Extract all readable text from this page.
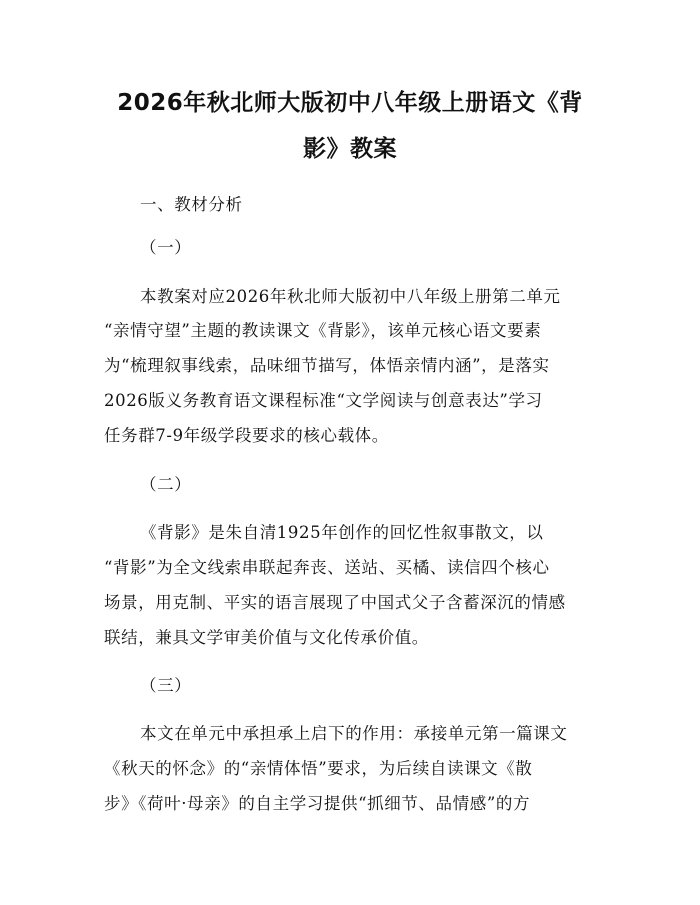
2026年秋北师大版初中八年级上册语文《背
影》教案
一、教材分析
（一）
本教案对应2026年秋北师大版初中八年级上册第二单元
“亲情守望”主题的教读课文《背影》，该单元核心语文要素
为“梳理叙事线索，品味细节描写，体悟亲情内涵”，是落实
2026版义务教育语文课程标准“文学阅读与创意表达”学习
任务群7-9年级学段要求的核心载体。
（二）
《背影》是朱自清1925年创作的回忆性叙事散文，以
“背影”为全文线索串联起奔丧、送站、买橘、读信四个核心
场景，用克制、平实的语言展现了中国式父子含蓄深沉的情感
联结，兼具文学审美价值与文化传承价值。
（三）
本文在单元中承担承上启下的作用：承接单元第一篇课文
《秋天的怀念》的“亲情体悟”要求，为后续自读课文《散
步》《荷叶·母亲》的自主学习提供“抓细节、品情感”的方
